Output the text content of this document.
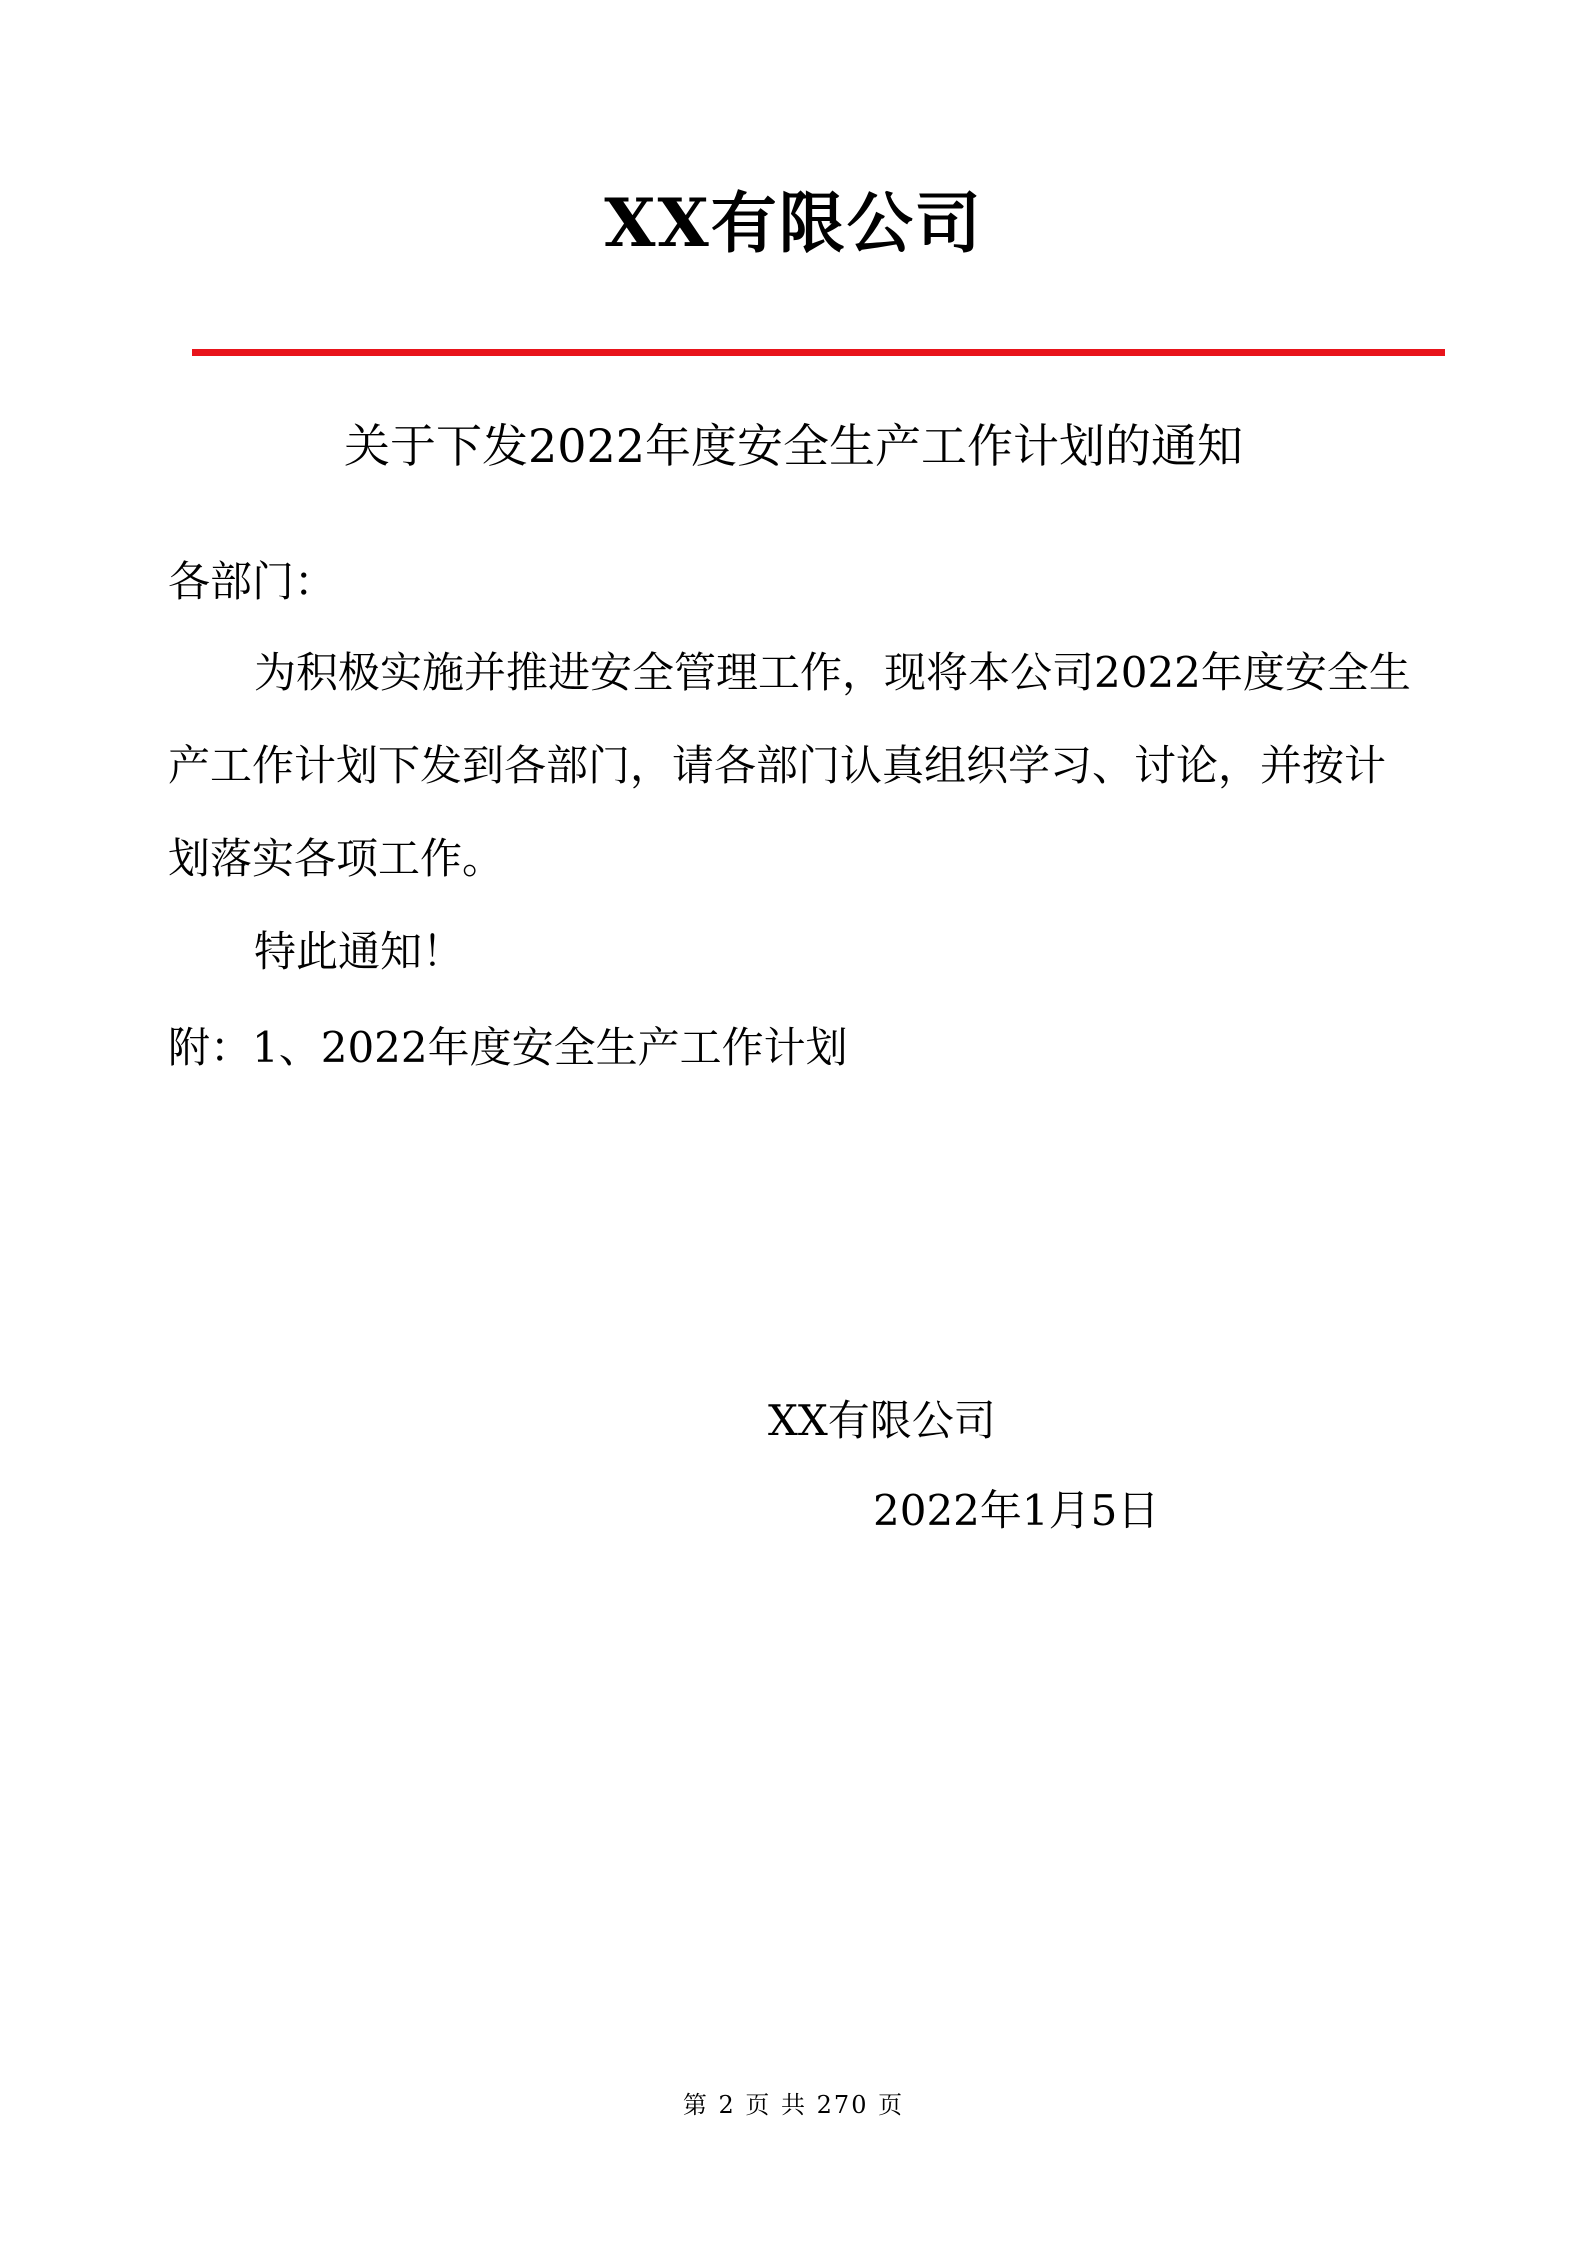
XX有限公司
关于下发2022年度安全生产工作计划的通知
各部门：
为积极实施并推进安全管理工作，现将本公司2022年度安全生
产工作计划下发到各部门，请各部门认真组织学习、讨论，并按计
划落实各项工作。
特此通知！
附：1、2022年度安全生产工作计划
XX有限公司
2022年1月5日
第 2 页 共 270 页
